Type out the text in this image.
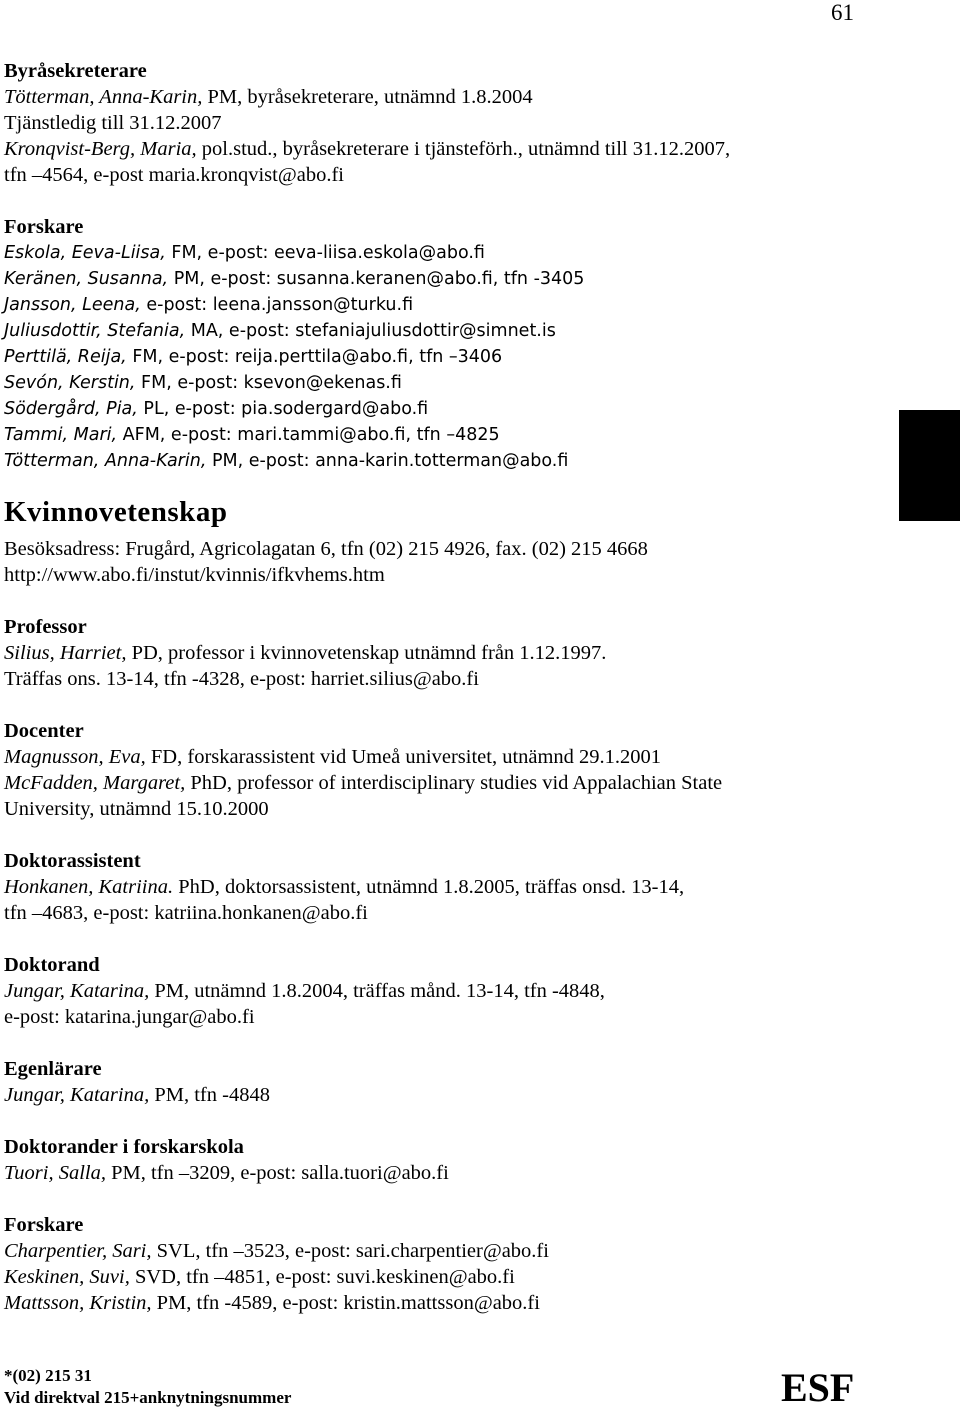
61
Byråsekreterare
Tötterman, Anna-Karin, PM, byråsekreterare, utnämnd 1.8.2004
Tjänstledig till 31.12.2007
Kronqvist-Berg, Maria, pol.stud., byråsekreterare i tjänsteförh., utnämnd till 31.12.2007,
tfn –4564, e-post maria.kronqvist@abo.fi
Forskare
Eskola, Eeva-Liisa, FM, e-post: eeva-liisa.eskola@abo.fi
Keränen, Susanna, PM, e-post: susanna.keranen@abo.fi, tfn -3405
Jansson, Leena, e-post: leena.jansson@turku.fi
Juliusdottir, Stefania, MA, e-post: stefaniajuliusdottir@simnet.is
Perttilä, Reija, FM, e-post: reija.perttila@abo.fi, tfn –3406
Sevón, Kerstin, FM, e-post: ksevon@ekenas.fi
Södergård, Pia, PL, e-post: pia.sodergard@abo.fi
Tammi, Mari, AFM, e-post: mari.tammi@abo.fi, tfn –4825
Tötterman, Anna-Karin, PM, e-post: anna-karin.totterman@abo.fi
Kvinnovetenskap
Besöksadress: Frugård, Agricolagatan 6, tfn (02) 215 4926, fax. (02) 215 4668
http://www.abo.fi/instut/kvinnis/ifkvhems.htm
Professor
Silius, Harriet, PD, professor i kvinnovetenskap utnämnd från 1.12.1997.
Träffas ons. 13-14, tfn -4328, e-post: harriet.silius@abo.fi
Docenter
Magnusson, Eva, FD, forskarassistent vid Umeå universitet, utnämnd 29.1.2001
McFadden, Margaret, PhD, professor of interdisciplinary studies vid Appalachian State
University, utnämnd 15.10.2000
Doktorassistent
Honkanen, Katriina. PhD, doktorsassistent, utnämnd 1.8.2005, träffas onsd. 13-14,
tfn –4683, e-post: katriina.honkanen@abo.fi
Doktorand
Jungar, Katarina, PM, utnämnd 1.8.2004, träffas månd. 13-14, tfn -4848,
e-post: katarina.jungar@abo.fi
Egenlärare
Jungar, Katarina, PM, tfn -4848
Doktorander i forskarskola
Tuori, Salla, PM, tfn –3209, e-post: salla.tuori@abo.fi
Forskare
Charpentier, Sari, SVL, tfn –3523, e-post: sari.charpentier@abo.fi
Keskinen, Suvi, SVD, tfn –4851, e-post: suvi.keskinen@abo.fi
Mattsson, Kristin, PM, tfn -4589, e-post: kristin.mattsson@abo.fi
*(02) 215 31
Vid direktval 215+anknytningsnummer	ESF
